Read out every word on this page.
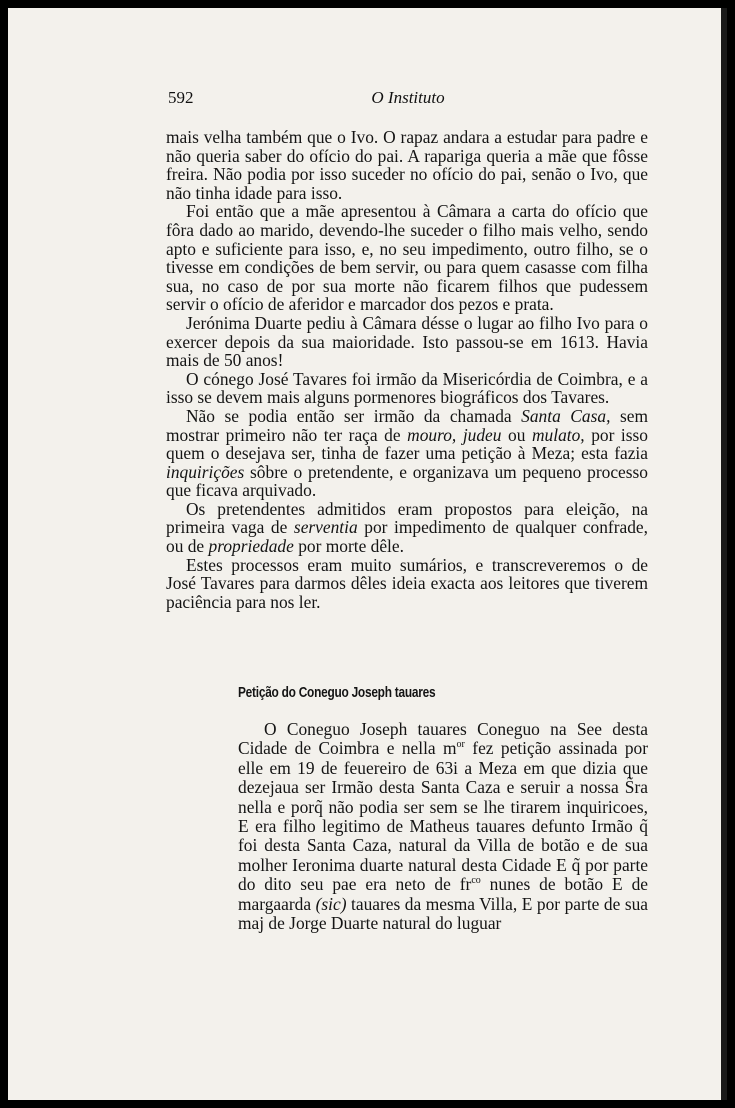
592	O Instituto

mais velha também que o Ivo. O rapaz andara a estudar para padre e não queria saber do ofício do pai. A rapariga queria a mãe que fôsse freira. Não podia por isso suceder no ofício do pai, senão o Ivo, que não tinha idade para isso.

Foi então que a mãe apresentou à Câmara a carta do ofício que fôra dado ao marido, devendo-lhe suceder o filho mais velho, sendo apto e suficiente para isso, e, no seu impedimento, outro filho, se o tivesse em condições de bem servir, ou para quem casasse com filha sua, no caso de por sua morte não ficarem filhos que pudessem servir o ofício de aferidor e marcador dos pezos e prata.

Jerónima Duarte pediu à Câmara désse o lugar ao filho Ivo para o exercer depois da sua maioridade. Isto passou-se em 1613. Havia mais de 50 anos!

O cónego José Tavares foi irmão da Misericórdia de Coimbra, e a isso se devem mais alguns pormenores biográficos dos Tavares.

Não se podia então ser irmão da chamada Santa Casa, sem mostrar primeiro não ter raça de mouro, judeu ou mulato, por isso quem o desejava ser, tinha de fazer uma petição à Meza; esta fazia inquirições sôbre o pretendente, e organizava um pequeno processo que ficava arquivado.

Os pretendentes admitidos eram propostos para eleição, na primeira vaga de serventia por impedimento de qualquer confrade, ou de propriedade por morte dêle.

Estes processos eram muito sumários, e transcreveremos o de José Tavares para darmos dêles ideia exacta aos leitores que tiverem paciência para nos ler.

Petição do Coneguo Joseph tauares

O Coneguo Joseph tauares Coneguo na See desta Cidade de Coimbra e nella $m^{or}$ fez petição assinada por elle em 19 de feuereiro de 63i a Meza em que dizia que dezejaua ser Irmão desta Santa Caza e seruir a nossa S̃ra nella e porq̃ não podia ser sem se lhe tirarem inquiricoes, E era filho legitimo de Matheus tauares defunto Irmão q̃ foi desta Santa Caza, natural da Villa de botão e de sua molher Ieronima duarte natural desta Cidade E q̃ por parte do dito seu pae era neto de $fr^{co}$ nunes de botão E de margaarda (sic) tauares da mesma Villa, E por parte de sua maj de Jorge Duarte natural do luguar
